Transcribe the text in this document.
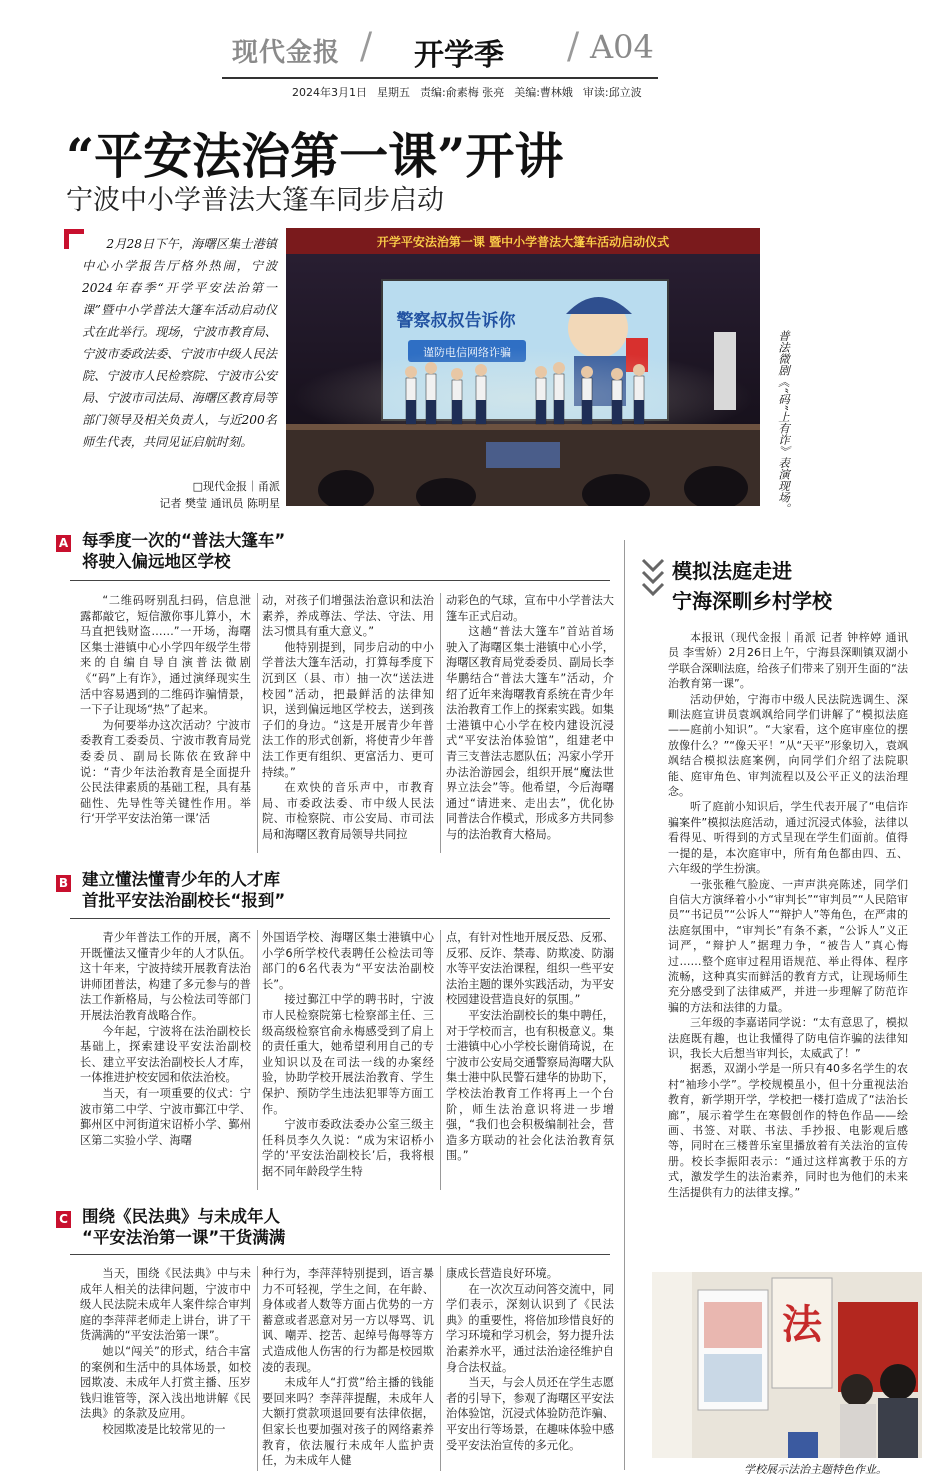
现代金报 / 开学季 / A04
2024年3月1日 星期五 责编:俞素梅 张亮 美编:曹林娥 审读:邱立波
“平安法治第一课”开讲
宁波中小学普法大篷车同步启动
2月28日下午，海曙区集士港镇中心小学报告厅格外热闹，宁波2024年春季“开学平安法治第一课”暨中小学普法大篷车活动启动仪式在此举行。现场，宁波市教育局、宁波市委政法委、宁波市中级人民法院、宁波市人民检察院、宁波市公安局、宁波市司法局、海曙区教育局等部门领导及相关负责人，与近200名师生代表，共同见证启航时刻。
□现代金报｜甬派
记者 樊莹 通讯员 陈明星
开学平安法治第一课 暨中小学普法大篷车活动启动仪式
警察叔叔告诉你
谨防电信网络诈骗	普法微剧《“码”上有诈》表演现场。
A 每季度一次的“普法大篷车”
将驶入偏远地区学校

“二维码呀别乱扫码，信息泄露都敲它，短信激你事儿算小，木马直把钱财盗……”一开场，海曙区集士港镇中心小学四年级学生带来的自编自导自演普法微剧《“码”上有诈》，通过演绎现实生活中容易遇到的二维码诈骗情景，一下子让现场“热”了起来。

为何要举办这次活动？宁波市委教育工委委员、宁波市教育局党委委员、副局长陈依在致辞中说：“青少年法治教育是全面提升公民法律素质的基础工程，具有基础性、先导性等关键性作用。举行‘开学平安法治第一课’活

动，对孩子们增强法治意识和法治素养，养成尊法、学法、守法、用法习惯具有重大意义。”

他特别提到，同步启动的中小学普法大篷车活动，打算每季度下沉到区（县、市）抽一次“送法进校园”活动，把最鲜活的法律知识，送到偏远地区学校去，送到孩子们的身边。“这是开展青少年普法工作的形式创新，将使青少年普法工作更有组织、更富活力、更可持续。”

在欢快的音乐声中，市教育局、市委政法委、市中级人民法院、市检察院、市公安局、市司法局和海曙区教育局领导共同拉

动彩色的气球，宣布中小学普法大篷车正式启动。

这趟“普法大篷车”首站首场驶入了海曙区集士港镇中心小学，海曙区教育局党委委员、副局长李华鹏结合“普法大篷车”活动，介绍了近年来海曙教育系统在青少年法治教育工作上的探索实践。如集士港镇中心小学在校内建设沉浸式“平安法治体验馆”，组建老中青三支普法志愿队伍；冯家小学开办法治游园会，组织开展“魔法世界立法会”等。他希望，今后海曙通过“请进来、走出去”，优化协同普法合作模式，形成多方共同参与的法治教育大格局。

B 建立懂法懂青少年的人才库
首批平安法治副校长“报到”

青少年普法工作的开展，离不开既懂法又懂青少年的人才队伍。这十年来，宁波持续开展教育法治讲师团普法，构建了多元参与的普法工作新格局，与公检法司等部门开展法治教育战略合作。

今年起，宁波将在法治副校长基础上，探索建设平安法治副校长、建立平安法治副校长人才库，一体推进护校安园和依法治校。

当天，有一项重要的仪式：宁波市第二中学、宁波市鄞江中学、鄞州区中河街道宋诏桥小学、鄞州区第二实验小学、海曙

外国语学校、海曙区集士港镇中心小学6所学校代表聘任公检法司等部门的6名代表为“平安法治副校长”。

接过鄞江中学的聘书时，宁波市人民检察院第七检察部主任、三级高级检察官俞永梅感受到了肩上的责任重大，她希望利用自己的专业知识以及在司法一线的办案经验，协助学校开展法治教育、学生保护、预防学生违法犯罪等方面工作。

宁波市委政法委办公室三级主任科员李久久说：“成为宋诏桥小学的‘平安法治副校长’后，我将根据不同年龄段学生特

点，有针对性地开展反恐、反邪、反邪、反诈、禁毒、防欺凌、防溺水等平安法治课程，组织一些平安法治主题的课外实践活动，为平安校园建设营造良好的氛围。”

平安法治副校长的集中聘任，对于学校而言，也有积极意义。集士港镇中心小学校长谢俏琦说，在宁波市公安局交通警察局海曙大队集士港中队民警石建华的协助下，学校法治教育工作将再上一个台阶，师生法治意识将进一步增强，“我们也会积极编制社会，营造多方联动的社会化法治教育氛围。”

C 围绕《民法典》与未成年人
“平安法治第一课”干货满满

当天，围绕《民法典》中与未成年人相关的法律问题，宁波市中级人民法院未成年人案件综合审判庭的李萍萍老师走上讲台，讲了干货满满的“平安法治第一课”。

她以“闯关”的形式，结合丰富的案例和生活中的具体场景，如校园欺凌、未成年人打赏主播、压岁钱归谁管等，深入浅出地讲解《民法典》的条款及应用。

校园欺凌是比较常见的一

种行为，李萍萍特别提到，语言暴力不可轻视，学生之间，在年龄、身体或者人数等方面占优势的一方蓄意或者恶意对另一方以辱骂、讥讽、嘲弄、挖苦、起绰号侮辱等方式造成他人伤害的行为都是校园欺凌的表现。

未成年人“打赏”给主播的钱能要回来吗？李萍萍提醒，未成年人大额打赏款项退回要有法律依据，但家长也要加强对孩子的网络素养教育，依法履行未成年人监护责任，为未成年人健

康成长营造良好环境。

在一次次互动问答交流中，同学们表示，深刻认识到了《民法典》的重要性，将倍加珍惜良好的学习环境和学习机会，努力提升法治素养水平，通过法治途径维护自身合法权益。

当天，与会人员还在学生志愿者的引导下，参观了海曙区平安法治体验馆，沉浸式体验防范诈骗、平安出行等场景，在趣味体验中感受平安法治宣传的多元化。

模拟法庭走进
宁海深甽乡村学校

本报讯（现代金报｜甬派 记者 钟梓婷 通讯员 李雪娇）2月26日上午，宁海县深甽镇双湖小学联合深甽法庭，给孩子们带来了别开生面的“法治教育第一课”。

活动伊始，宁海市中级人民法院选调生、深甽法庭宣讲员袁飒飒给同学们讲解了“模拟法庭——庭前小知识”。“大家看，这个庭审座位的摆放像什么？”“像天平！”从“天平”形象切入，袁飒飒结合模拟法庭案例，向同学们介绍了法院职能、庭审角色、审判流程以及公平正义的法治理念。

听了庭前小知识后，学生代表开展了“电信诈骗案件”模拟法庭活动，通过沉浸式体验，法律以看得见、听得到的方式呈现在学生们面前。值得一提的是，本次庭审中，所有角色都由四、五、六年级的学生扮演。

一张张稚气脸庞、一声声洪亮陈述，同学们自信大方演绎着小小“审判长”“审判员”“人民陪审员”“书记员”“公诉人”“辩护人”等角色，在严肃的法庭氛围中，“审判长”有条不紊，“公诉人”义正词严，“辩护人”据理力争，“被告人”真心悔过……整个庭审过程用语规范、举止得体、程序流畅，这种真实而鲜活的教育方式，让现场师生充分感受到了法律威严，并进一步理解了防范诈骗的方法和法律的力量。

三年级的李嘉诺同学说：“太有意思了，模拟法庭既有趣，也让我懂得了防电信诈骗的法律知识，我长大后想当审判长，太威武了！”

据悉，双湖小学是一所只有40多名学生的农村“袖珍小学”。学校规模虽小，但十分重视法治教育，新学期开学，学校把一楼打造成了“法治长廊”，展示着学生在寒假创作的特色作品——绘画、书签、对联、书法、手抄报、电影观后感等，同时在三楼普乐室里播放着有关法治的宣传册。校长李振阳表示：“通过这样寓教于乐的方式，激发学生的法治素养，同时也为他们的未来生活提供有力的法律支撑。”

法
学校展示法治主题特色作业。
